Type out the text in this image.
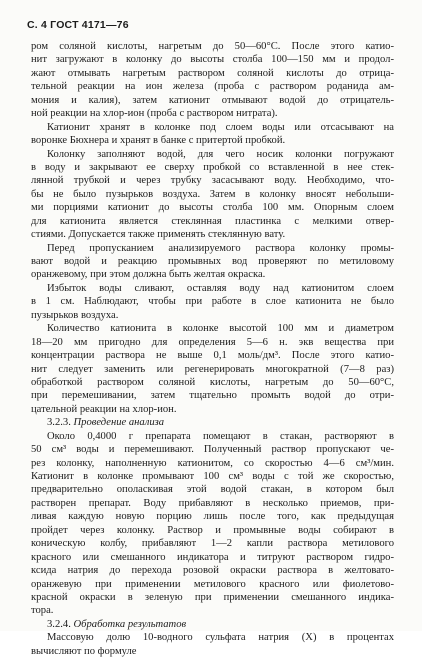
С. 4 ГОСТ 4171—76
ром соляной кислоты, нагретым до 50—60°С. После этого катио-
нит загружают в колонку до высоты столба 100—150 мм и продол-
жают отмывать нагретым раствором соляной кислоты до отрица-
тельной реакции на ион железа (проба с раствором роданида ам-
мония и калия), затем катионит отмывают водой до отрицатель-
ной реакции на хлор-ион (проба с раствором нитрата).
Катионит хранят в колонке под слоем воды или отсасывают на
воронке Бюхнера и хранят в банке с притертой пробкой.
Колонку заполняют водой, для чего носик колонки погружают
в воду и закрывают ее сверху пробкой со вставленной в нее стек-
лянной трубкой и через трубку засасывают воду. Необходимо, что-
бы не было пузырьков воздуха. Затем в колонку вносят небольши-
ми порциями катионит до высоты столба 100 мм. Опорным слоем
для катионита является стеклянная пластинка с мелкими отвер-
стиями. Допускается также применять стеклянную вату.
Перед пропусканием анализируемого раствора колонку промы-
вают водой и реакцию промывных вод проверяют по метиловому
оранжевому, при этом должна быть желтая окраска.
Избыток воды сливают, оставляя воду над катионитом слоем
в 1 см. Наблюдают, чтобы при работе в слое катионита не было
пузырьков воздуха.
Количество катионита в колонке высотой 100 мм и диаметром
18—20 мм пригодно для определения 5—6 н. экв вещества при
концентрации раствора не выше 0,1 моль/дм³. После этого катио-
нит следует заменить или регенерировать многократной (7—8 раз)
обработкой раствором соляной кислоты, нагретым до 50—60°С,
при перемешивании, затем тщательно промыть водой до отри-
цательной реакции на хлор-ион.
3.2.3. Проведение анализа
Около 0,4000 г препарата помещают в стакан, растворяют в
50 см³ воды и перемешивают. Полученный раствор пропускают че-
рез колонку, наполненную катионитом, со скоростью 4—6 см³/мин.
Катионит в колонке промывают 100 см³ воды с той же скоростью,
предварительно ополаскивая этой водой стакан, в котором был
растворен препарат. Воду прибавляют в несколько приемов, при-
ливая каждую новую порцию лишь после того, как предыдущая
пройдет через колонку. Раствор и промывные воды собирают в
коническую колбу, прибавляют 1—2 капли раствора метилового
красного или смешанного индикатора и титруют раствором гидро-
ксида натрия до перехода розовой окраски раствора в желтовато-
оранжевую при применении метилового красного или фиолетово-
красной окраски в зеленую при применении смешанного индика-
тора.
3.2.4. Обработка результатов
Массовую долю 10-водного сульфата натрия (X) в процентах
вычисляют по формуле
